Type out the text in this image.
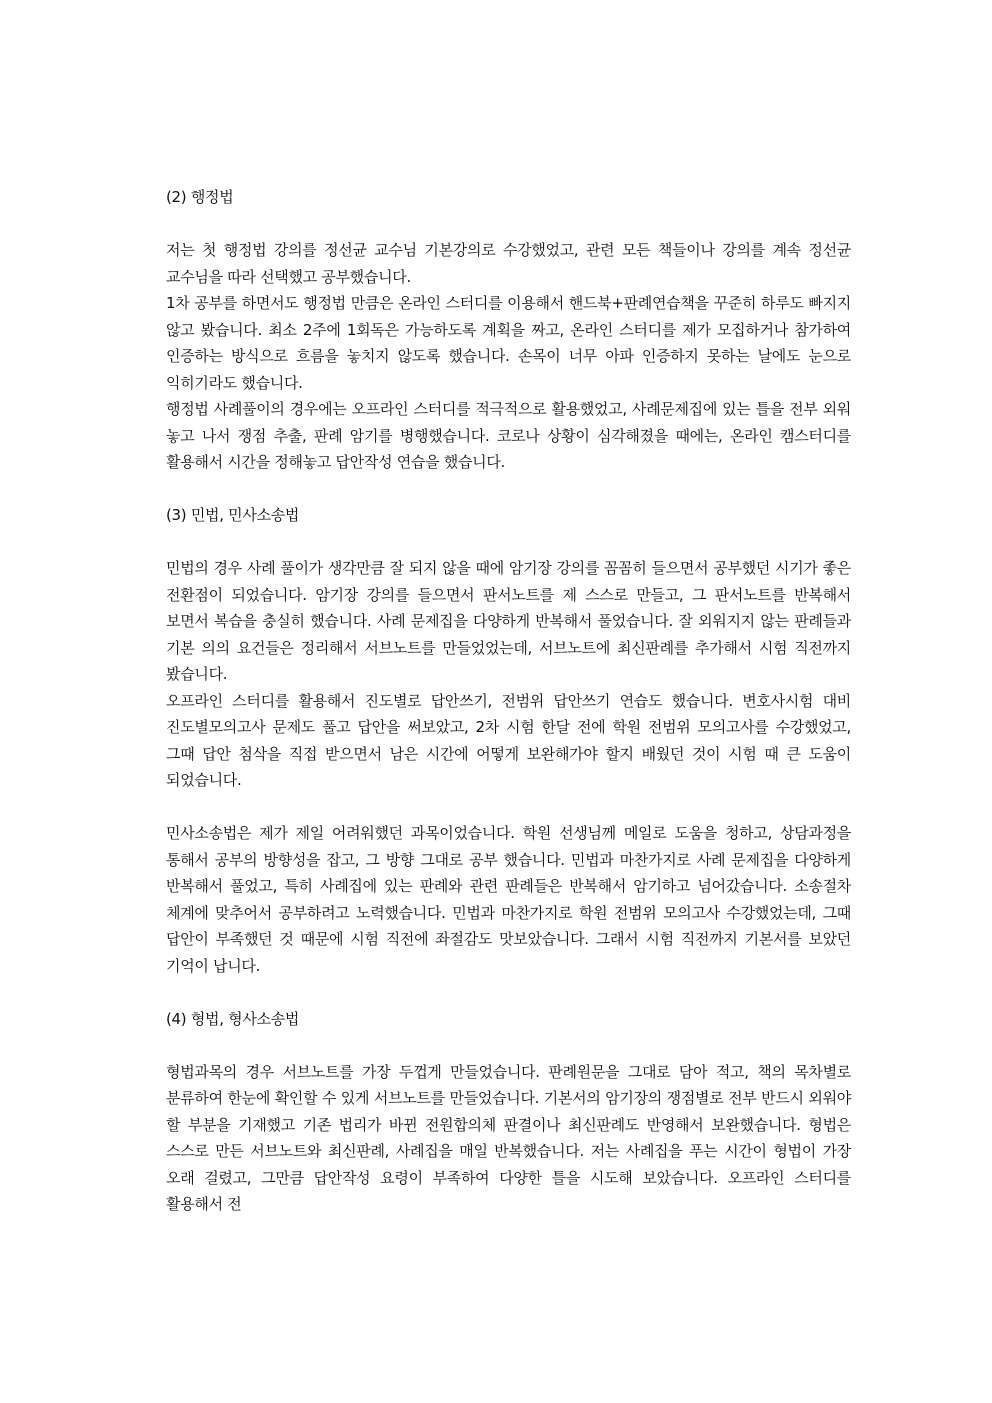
(2) 행정법

저는 첫 행정법 강의를 정선균 교수님 기본강의로 수강했었고, 관련 모든 책들이나 강의를 계속 정선균 교수님을 따라 선택했고 공부했습니다.

1차 공부를 하면서도 행정법 만큼은 온라인 스터디를 이용해서 핸드북+판례연습책을 꾸준히 하루도 빠지지 않고 봤습니다. 최소 2주에 1회독은 가능하도록 계획을 짜고, 온라인 스터디를 제가 모집하거나 참가하여 인증하는 방식으로 흐름을 놓치지 않도록 했습니다. 손목이 너무 아파 인증하지 못하는 날에도 눈으로 익히기라도 했습니다.

행정법 사례풀이의 경우에는 오프라인 스터디를 적극적으로 활용했었고, 사례문제집에 있는 틀을 전부 외워 놓고 나서 쟁점 추출, 판례 암기를 병행했습니다. 코로나 상황이 심각해졌을 때에는, 온라인 캠스터디를 활용해서 시간을 정해놓고 답안작성 연습을 했습니다.

(3) 민법, 민사소송법

민법의 경우 사례 풀이가 생각만큼 잘 되지 않을 때에 암기장 강의를 꼼꼼히 들으면서 공부했던 시기가 좋은 전환점이 되었습니다. 암기장 강의를 들으면서 판서노트를 제 스스로 만들고, 그 판서노트를 반복해서 보면서 복습을 충실히 했습니다. 사례 문제집을 다양하게 반복해서 풀었습니다. 잘 외워지지 않는 판례들과 기본 의의 요건들은 정리해서 서브노트를 만들었었는데, 서브노트에 최신판례를 추가해서 시험 직전까지 봤습니다.

오프라인 스터디를 활용해서 진도별로 답안쓰기, 전범위 답안쓰기 연습도 했습니다. 변호사시험 대비 진도별모의고사 문제도 풀고 답안을 써보았고, 2차 시험 한달 전에 학원 전범위 모의고사를 수강했었고, 그때 답안 첨삭을 직접 받으면서 남은 시간에 어떻게 보완해가야 할지 배웠던 것이 시험 때 큰 도움이 되었습니다.

민사소송법은 제가 제일 어려워했던 과목이었습니다. 학원 선생님께 메일로 도움을 청하고, 상담과정을 통해서 공부의 방향성을 잡고, 그 방향 그대로 공부 했습니다. 민법과 마찬가지로 사례 문제집을 다양하게 반복해서 풀었고, 특히 사례집에 있는 판례와 관련 판례들은 반복해서 암기하고 넘어갔습니다. 소송절차 체계에 맞추어서 공부하려고 노력했습니다. 민법과 마찬가지로 학원 전범위 모의고사 수강했었는데, 그때 답안이 부족했던 것 때문에 시험 직전에 좌절감도 맛보았습니다. 그래서 시험 직전까지 기본서를 보았던 기억이 납니다.

(4) 형법, 형사소송법

형법과목의 경우 서브노트를 가장 두껍게 만들었습니다. 판례원문을 그대로 담아 적고, 책의 목차별로 분류하여 한눈에 확인할 수 있게 서브노트를 만들었습니다. 기본서의 암기장의 쟁점별로 전부 반드시 외워야 할 부분을 기재했고 기존 법리가 바뀐 전원합의체 판결이나 최신판례도 반영해서 보완했습니다. 형법은 스스로 만든 서브노트와 최신판례, 사례집을 매일 반복했습니다. 저는 사례집을 푸는 시간이 형법이 가장 오래 걸렸고, 그만큼 답안작성 요령이 부족하여 다양한 틀을 시도해 보았습니다. 오프라인 스터디를 활용해서 전
